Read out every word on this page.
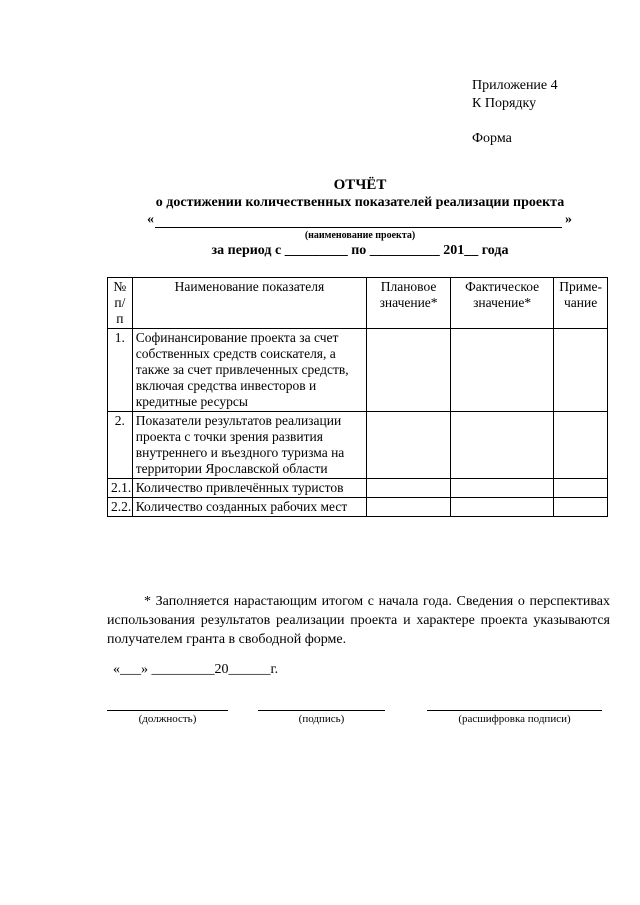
Приложение 4
К Порядку
Форма
ОТЧЁТ
о достижении количественных показателей реализации проекта
«	»
(наименование проекта)
за период с _________ по __________ 201__ года
№ п/п	Наименование показателя	Плановое значение*	Фактическое значение*	Приме-чание
1.	Софинансирование проекта за счет собственных средств соискателя, а также за счет привлеченных средств, включая средства инвесторов и кредитные ресурсы			
2.	Показатели результатов реализации проекта с точки зрения развития внутреннего и въездного туризма на территории Ярославской области			
2.1.	Количество привлечённых туристов			
2.2.	Количество созданных рабочих мест			
* Заполняется нарастающим итогом с начала года. Сведения о перспективах использования результатов реализации проекта и характере проекта указываются получателем гранта в свободной форме.
«___» _________20______г.
(должность)	(подпись)	(расшифровка подписи)
